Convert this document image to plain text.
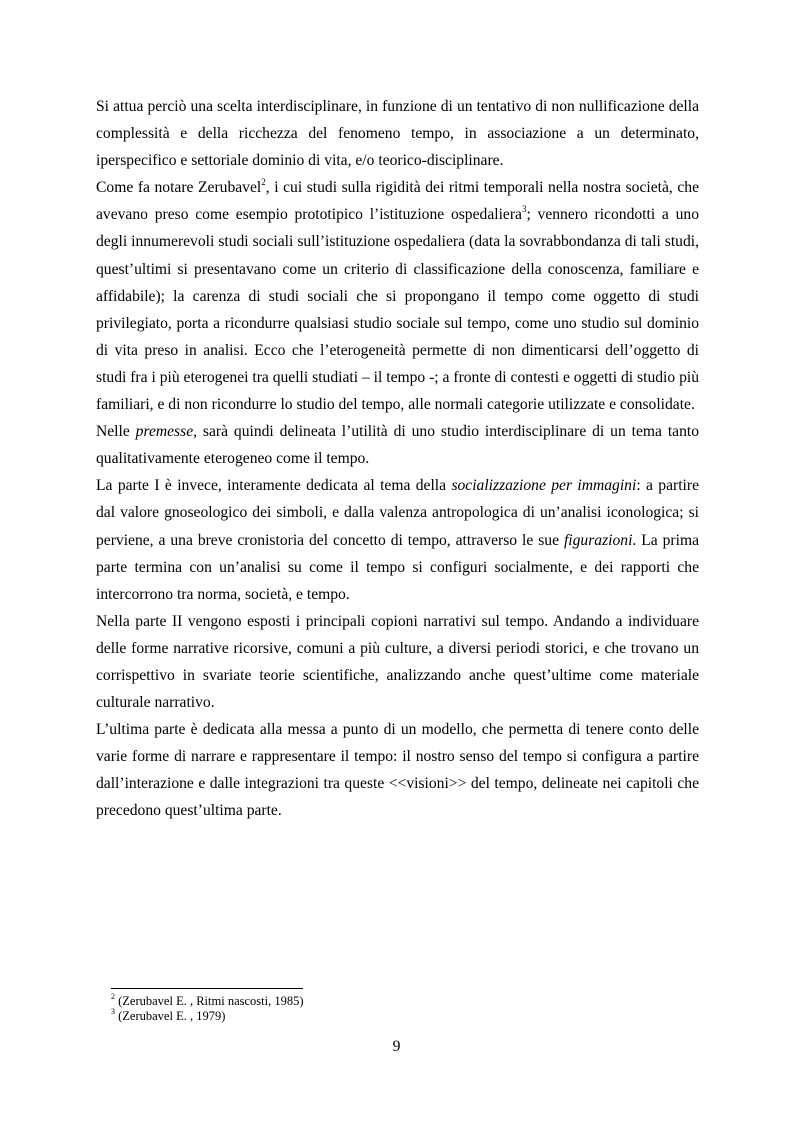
Si attua perciò una scelta interdisciplinare, in funzione di un tentativo di non nullificazione della complessità e della ricchezza del fenomeno tempo, in associazione a un determinato, iperspecifico e settoriale dominio di vita, e/o teorico-disciplinare.

Come fa notare Zerubavel$^2$, i cui studi sulla rigidità dei ritmi temporali nella nostra società, che avevano preso come esempio prototipico l’istituzione ospedaliera$^3$; vennero ricondotti a uno degli innumerevoli studi sociali sull’istituzione ospedaliera (data la sovrabbondanza di tali studi, quest’ultimi si presentavano come un criterio di classificazione della conoscenza, familiare e affidabile); la carenza di studi sociali che si propongano il tempo come oggetto di studi privilegiato, porta a ricondurre qualsiasi studio sociale sul tempo, come uno studio sul dominio di vita preso in analisi. Ecco che l’eterogeneità permette di non dimenticarsi dell’oggetto di studi fra i più eterogenei tra quelli studiati – il tempo -; a fronte di contesti e oggetti di studio più familiari, e di non ricondurre lo studio del tempo, alle normali categorie utilizzate e consolidate.

Nelle premesse, sarà quindi delineata l’utilità di uno studio interdisciplinare di un tema tanto qualitativamente eterogeneo come il tempo.

La parte I è invece, interamente dedicata al tema della socializzazione per immagini: a partire dal valore gnoseologico dei simboli, e dalla valenza antropologica di un’analisi iconologica; si perviene, a una breve cronistoria del concetto di tempo, attraverso le sue figurazioni. La prima parte termina con un’analisi su come il tempo si configuri socialmente, e dei rapporti che intercorrono tra norma, società, e tempo.

Nella parte II vengono esposti i principali copioni narrativi sul tempo. Andando a individuare delle forme narrative ricorsive, comuni a più culture, a diversi periodi storici, e che trovano un corrispettivo in svariate teorie scientifiche, analizzando anche quest’ultime come materiale culturale narrativo.

L’ultima parte è dedicata alla messa a punto di un modello, che permetta di tenere conto delle varie forme di narrare e rappresentare il tempo: il nostro senso del tempo si configura a partire dall’interazione e dalle integrazioni tra queste <<visioni>> del tempo, delineate nei capitoli che precedono quest’ultima parte.

$^2$ (Zerubavel E. , Ritmi nascosti, 1985)

$^3$ (Zerubavel E. , 1979)

9
